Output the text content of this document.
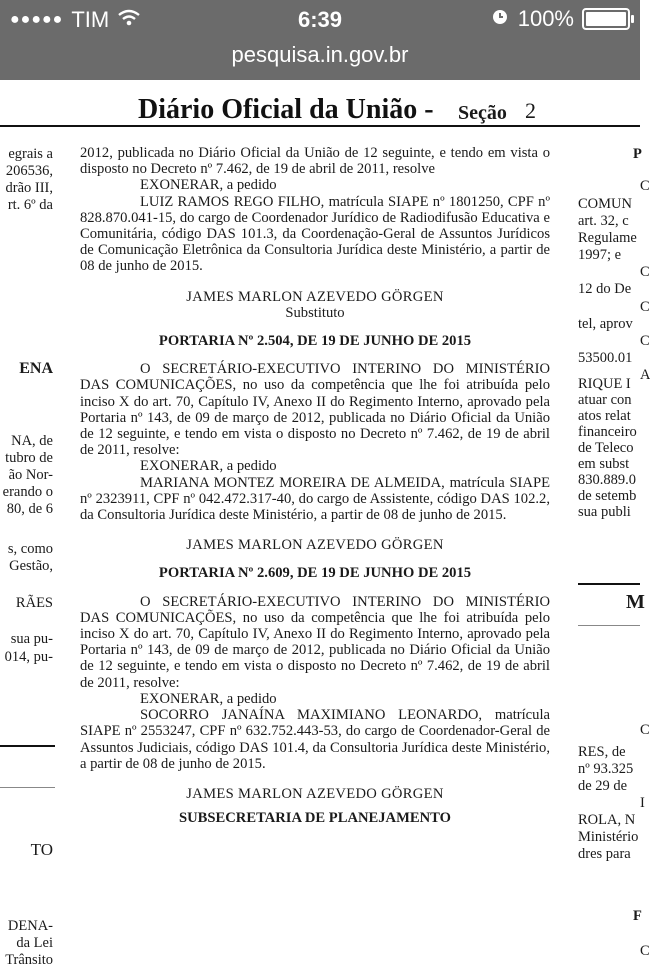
●●●●● TIM	6:39	100%
pesquisa.in.gov.br
Diário Oficial da União - Seção 2
egrais a
206536,
drão III,
rt. 6º da
ENA
NA, de
tubro de
ão Nor-
erando o
80, de 6
s, como
Gestão,
RÃES
sua pu-
014, pu-
TO
DENA-
da Lei
Trânsito

2012, publicada no Diário Oficial da União de 12 seguinte, e tendo em vista o disposto no Decreto nº 7.462, de 19 de abril de 2011, resolve

EXONERAR, a pedido

LUIZ RAMOS REGO FILHO, matrícula SIAPE nº 1801250, CPF nº 828.870.041-15, do cargo de Coordenador Jurídico de Radiodifusão Educativa e Comunitária, código DAS 101.3, da Coordenação-Geral de Assuntos Jurídicos de Comunicação Eletrônica da Consultoria Jurídica deste Ministério, a partir de 08 de junho de 2015.

JAMES MARLON AZEVEDO GÖRGEN

Substituto

PORTARIA Nº 2.504, DE 19 DE JUNHO DE 2015

O SECRETÁRIO-EXECUTIVO INTERINO DO MINISTÉRIO DAS COMUNICAÇÕES, no uso da competência que lhe foi atribuída pelo inciso X do art. 70, Capítulo IV, Anexo II do Regimento Interno, aprovado pela Portaria nº 143, de 09 de março de 2012, publicada no Diário Oficial da União de 12 seguinte, e tendo em vista o disposto no Decreto nº 7.462, de 19 de abril de 2011, resolve:

EXONERAR, a pedido

MARIANA MONTEZ MOREIRA DE ALMEIDA, matrícula SIAPE nº 2323911, CPF nº 042.472.317-40, do cargo de Assistente, código DAS 102.2, da Consultoria Jurídica deste Ministério, a partir de 08 de junho de 2015.

JAMES MARLON AZEVEDO GÖRGEN

PORTARIA Nº 2.609, DE 19 DE JUNHO DE 2015

O SECRETÁRIO-EXECUTIVO INTERINO DO MINISTÉRIO DAS COMUNICAÇÕES, no uso da competência que lhe foi atribuída pelo inciso X do art. 70, Capítulo IV, Anexo II do Regimento Interno, aprovado pela Portaria nº 143, de 09 de março de 2012, publicada no Diário Oficial da União de 12 seguinte, e tendo em vista o disposto no Decreto nº 7.462, de 19 de abril de 2011, resolve:

EXONERAR, a pedido

SOCORRO JANAÍNA MAXIMIANO LEONARDO, matrícula SIAPE nº 2553247, CPF nº 632.752.443-53, do cargo de Coordenador-Geral de Assuntos Judiciais, código DAS 101.4, da Consultoria Jurídica deste Ministério, a partir de 08 de junho de 2015.

JAMES MARLON AZEVEDO GÖRGEN

SUBSECRETARIA DE PLANEJAMENTO

P
C
COMUN
art. 32, c
Regulame
1997; e
C
12 do De
C
tel, aprov
C
53500.01
A
RIQUE I
atuar con
atos relat
financeiro
de Teleco
em subst
830.889.0
de setemb
sua publi
M
C
RES, de
nº 93.325
de 29 de
I
ROLA, N
Ministério
dres para
F
C
